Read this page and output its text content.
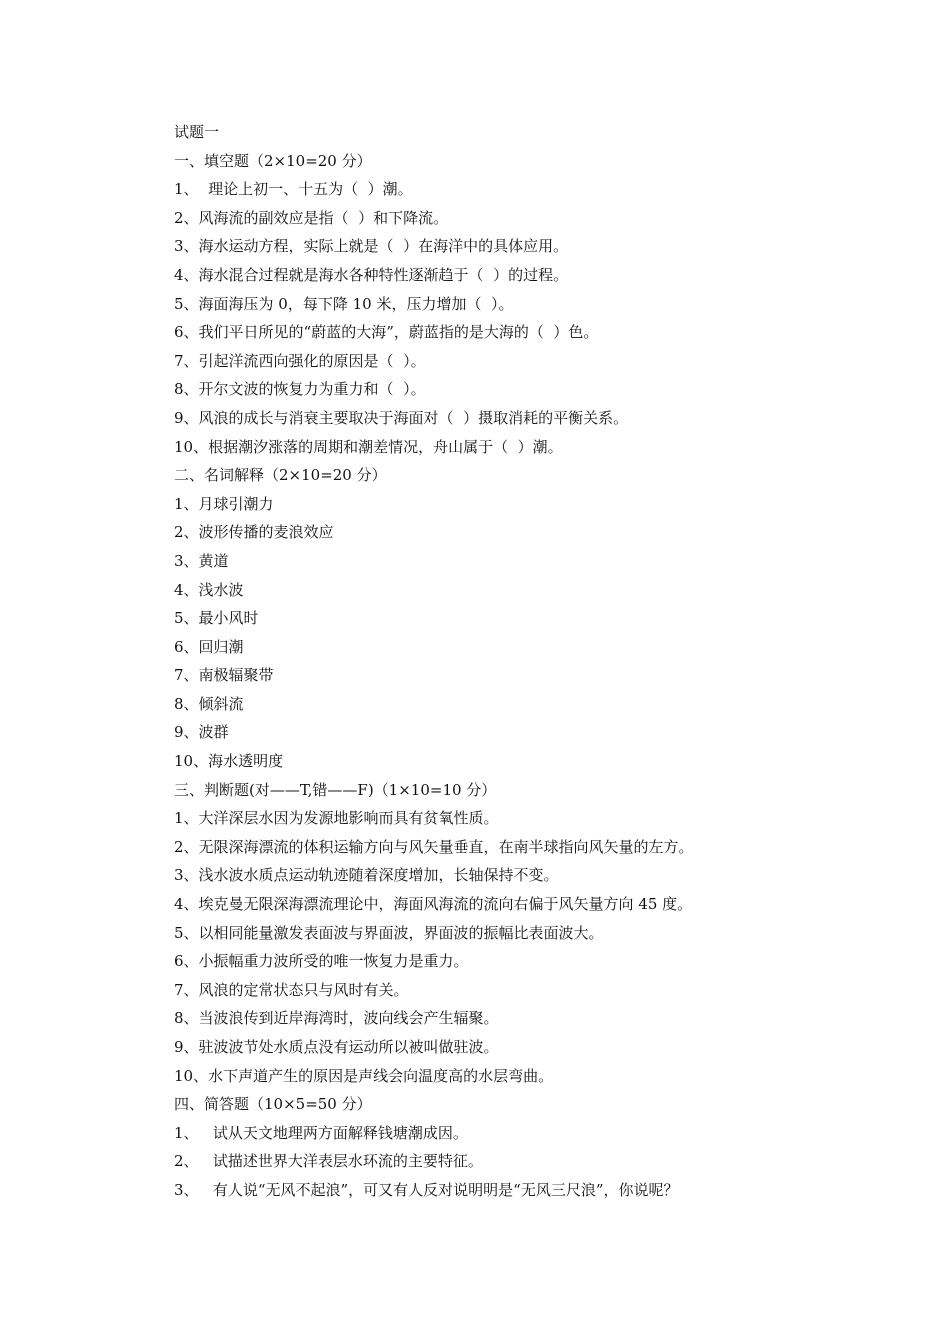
试题一
一、填空题（2×10=20 分）
1、  理论上初一、十五为（  ）潮。
2、风海流的副效应是指（  ）和下降流。
3、海水运动方程，实际上就是（  ）在海洋中的具体应用。
4、海水混合过程就是海水各种特性逐渐趋于（  ）的过程。
5、海面海压为 0，每下降 10 米，压力增加（  ）。
6、我们平日所见的“蔚蓝的大海”，蔚蓝指的是大海的（  ）色。
7、引起洋流西向强化的原因是（  ）。
8、开尔文波的恢复力为重力和（  ）。
9、风浪的成长与消衰主要取决于海面对（  ）摄取消耗的平衡关系。
10、根据潮汐涨落的周期和潮差情况，舟山属于（  ）潮。
二、名词解释（2×10=20 分）
1、月球引潮力
2、波形传播的麦浪效应
3、黄道
4、浅水波
5、最小风时
6、回归潮
7、南极辐聚带
8、倾斜流
9、波群
10、海水透明度
三、判断题(对——T,错——F)（1×10=10 分）
1、大洋深层水因为发源地影响而具有贫氧性质。
2、无限深海漂流的体积运输方向与风矢量垂直，在南半球指向风矢量的左方。
3、浅水波水质点运动轨迹随着深度增加，长轴保持不变。
4、埃克曼无限深海漂流理论中，海面风海流的流向右偏于风矢量方向 45 度。
5、以相同能量激发表面波与界面波，界面波的振幅比表面波大。
6、小振幅重力波所受的唯一恢复力是重力。
7、风浪的定常状态只与风时有关。
8、当波浪传到近岸海湾时，波向线会产生辐聚。
9、驻波波节处水质点没有运动所以被叫做驻波。
10、水下声道产生的原因是声线会向温度高的水层弯曲。
四、简答题（10×5=50 分）
1、   试从天文地理两方面解释钱塘潮成因。
2、   试描述世界大洋表层水环流的主要特征。
3、   有人说“无风不起浪”，可又有人反对说明明是“无风三尺浪”，你说呢？
